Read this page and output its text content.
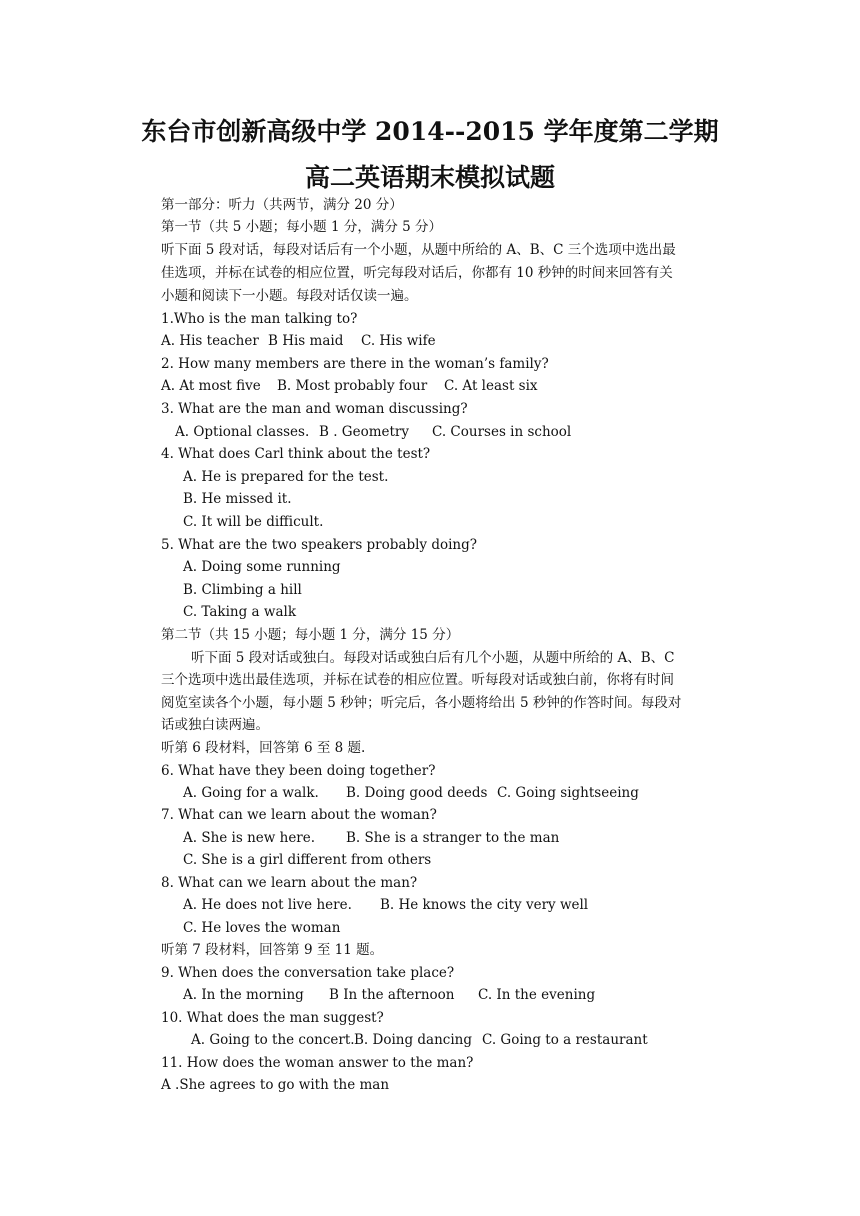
东台市创新高级中学 2014--2015 学年度第二学期
高二英语期末模拟试题
第一部分：听力（共两节，满分 20 分）
第一节（共 5 小题；每小题 1 分，满分 5 分）
听下面 5 段对话，每段对话后有一个小题，从题中所给的 A、B、C 三个选项中选出最
佳选项，并标在试卷的相应位置，听完每段对话后，你都有 10 秒钟的时间来回答有关
小题和阅读下一小题。每段对话仅读一遍。
1.Who is the man talking to?
A. His teacher B His maid C. His wife
2. How many members are there in the woman’s family?
A. At most five B. Most probably four C. At least six
3. What are the man and woman discussing?
A. Optional classes. B . Geometry C. Courses in school
4. What does Carl think about the test?
A. He is prepared for the test.
B. He missed it.
C. It will be difficult.
5. What are the two speakers probably doing?
A. Doing some running
B. Climbing a hill
C. Taking a walk
第二节（共 15 小题；每小题 1 分，满分 15 分）
听下面 5 段对话或独白。每段对话或独白后有几个小题，从题中所给的 A、B、C
三个选项中选出最佳选项，并标在试卷的相应位置。听每段对话或独白前，你将有时间
阅览室读各个小题，每小题 5 秒钟；听完后，各小题将给出 5 秒钟的作答时间。每段对
话或独白读两遍。
听第 6 段材料，回答第 6 至 8 题.
6. What have they been doing together?
A. Going for a walk. B. Doing good deeds C. Going sightseeing
7. What can we learn about the woman?
A. She is new here. B. She is a stranger to the man
C. She is a girl different from others
8. What can we learn about the man?
A. He does not live here. B. He knows the city very well
C. He loves the woman
听第 7 段材料，回答第 9 至 11 题。
9. When does the conversation take place?
A. In the morning B In the afternoon C. In the evening
10. What does the man suggest?
A. Going to the concert.B. Doing dancing C. Going to a restaurant
11. How does the woman answer to the man?
A .She agrees to go with the man
